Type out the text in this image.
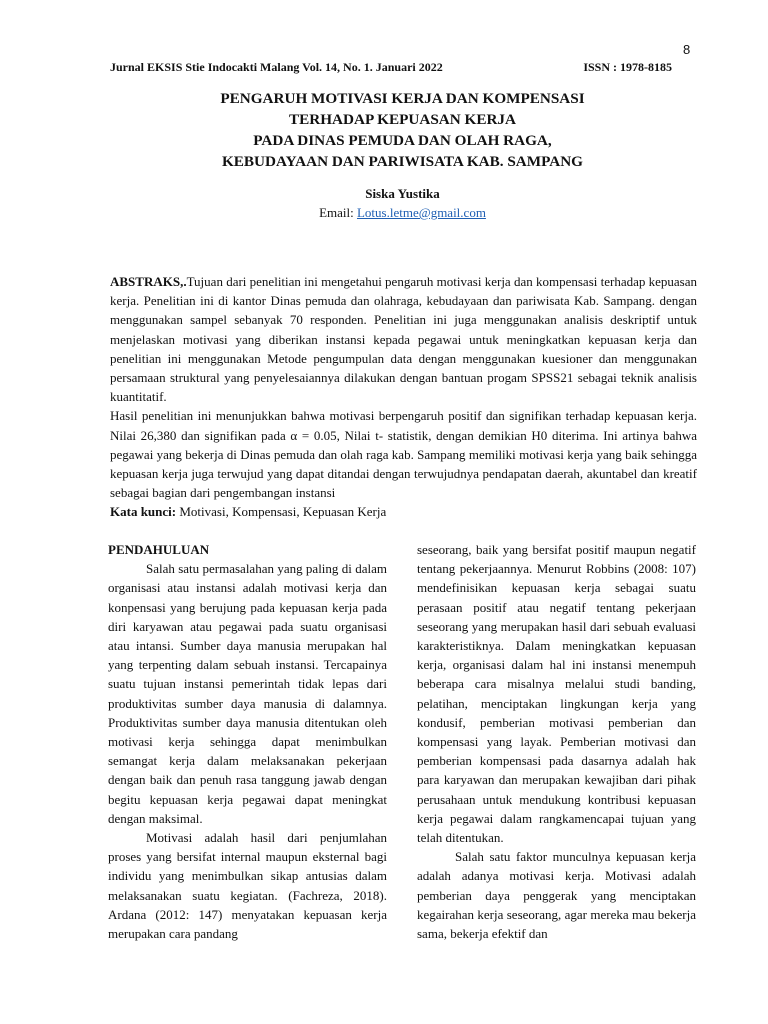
8
Jurnal EKSIS Stie Indocakti Malang Vol. 14, No. 1. Januari 2022	ISSN : 1978-8185
PENGARUH MOTIVASI KERJA DAN KOMPENSASI
TERHADAP KEPUASAN KERJA
PADA DINAS PEMUDA DAN OLAH RAGA,
KEBUDAYAAN DAN PARIWISATA KAB. SAMPANG
Siska Yustika
Email: Lotus.letme@gmail.com

ABSTRAKS,.Tujuan dari penelitian ini mengetahui pengaruh motivasi kerja dan kompensasi terhadap kepuasan kerja. Penelitian ini di kantor Dinas pemuda dan olahraga, kebudayaan dan pariwisata Kab. Sampang. dengan menggunakan sampel sebanyak 70 responden. Penelitian ini juga menggunakan analisis deskriptif untuk menjelaskan motivasi yang diberikan instansi kepada pegawai untuk meningkatkan kepuasan kerja dan penelitian ini menggunakan Metode pengumpulan data dengan menggunakan kuesioner dan menggunakan persamaan struktural yang penyelesaiannya dilakukan dengan bantuan progam SPSS21 sebagai teknik analisis kuantitatif.

Hasil penelitian ini menunjukkan bahwa motivasi berpengaruh positif dan signifikan terhadap kepuasan kerja. Nilai 26,380 dan signifikan pada α = 0.05, Nilai t- statistik, dengan demikian H0 diterima. Ini artinya bahwa pegawai yang bekerja di Dinas pemuda dan olah raga kab. Sampang memiliki motivasi kerja yang baik sehingga kepuasan kerja juga terwujud yang dapat ditandai dengan terwujudnya pendapatan daerah, akuntabel dan kreatif sebagai bagian dari pengembangan instansi

Kata kunci: Motivasi, Kompensasi, Kepuasan Kerja

PENDAHULUAN

Salah satu permasalahan yang paling di dalam organisasi atau instansi adalah motivasi kerja dan konpensasi yang berujung pada kepuasan kerja pada diri karyawan atau pegawai pada suatu organisasi atau intansi. Sumber daya manusia merupakan hal yang terpenting dalam sebuah instansi. Tercapainya suatu tujuan instansi pemerintah tidak lepas dari produktivitas sumber daya manusia di dalamnya. Produktivitas sumber daya manusia ditentukan oleh motivasi kerja sehingga dapat menimbulkan semangat kerja dalam melaksanakan pekerjaan dengan baik dan penuh rasa tanggung jawab dengan begitu kepuasan kerja pegawai dapat meningkat dengan maksimal.

Motivasi adalah hasil dari penjumlahan proses yang bersifat internal maupun eksternal bagi individu yang menimbulkan sikap antusias dalam melaksanakan suatu kegiatan. (Fachreza, 2018). Ardana (2012: 147) menyatakan kepuasan kerja merupakan cara pandang

seseorang, baik yang bersifat positif maupun negatif tentang pekerjaannya. Menurut Robbins (2008: 107) mendefinisikan kepuasan kerja sebagai suatu perasaan positif atau negatif tentang pekerjaan seseorang yang merupakan hasil dari sebuah evaluasi karakteristiknya. Dalam meningkatkan kepuasan kerja, organisasi dalam hal ini instansi menempuh beberapa cara misalnya melalui studi banding, pelatihan, menciptakan lingkungan kerja yang kondusif, pemberian motivasi pemberian dan kompensasi yang layak. Pemberian motivasi dan pemberian kompensasi pada dasarnya adalah hak para karyawan dan merupakan kewajiban dari pihak perusahaan untuk mendukung kontribusi kepuasan kerja pegawai dalam rangkamencapai tujuan yang telah ditentukan.

Salah satu faktor munculnya kepuasan kerja adalah adanya motivasi kerja. Motivasi adalah pemberian daya penggerak yang menciptakan kegairahan kerja seseorang, agar mereka mau bekerja sama, bekerja efektif dan
